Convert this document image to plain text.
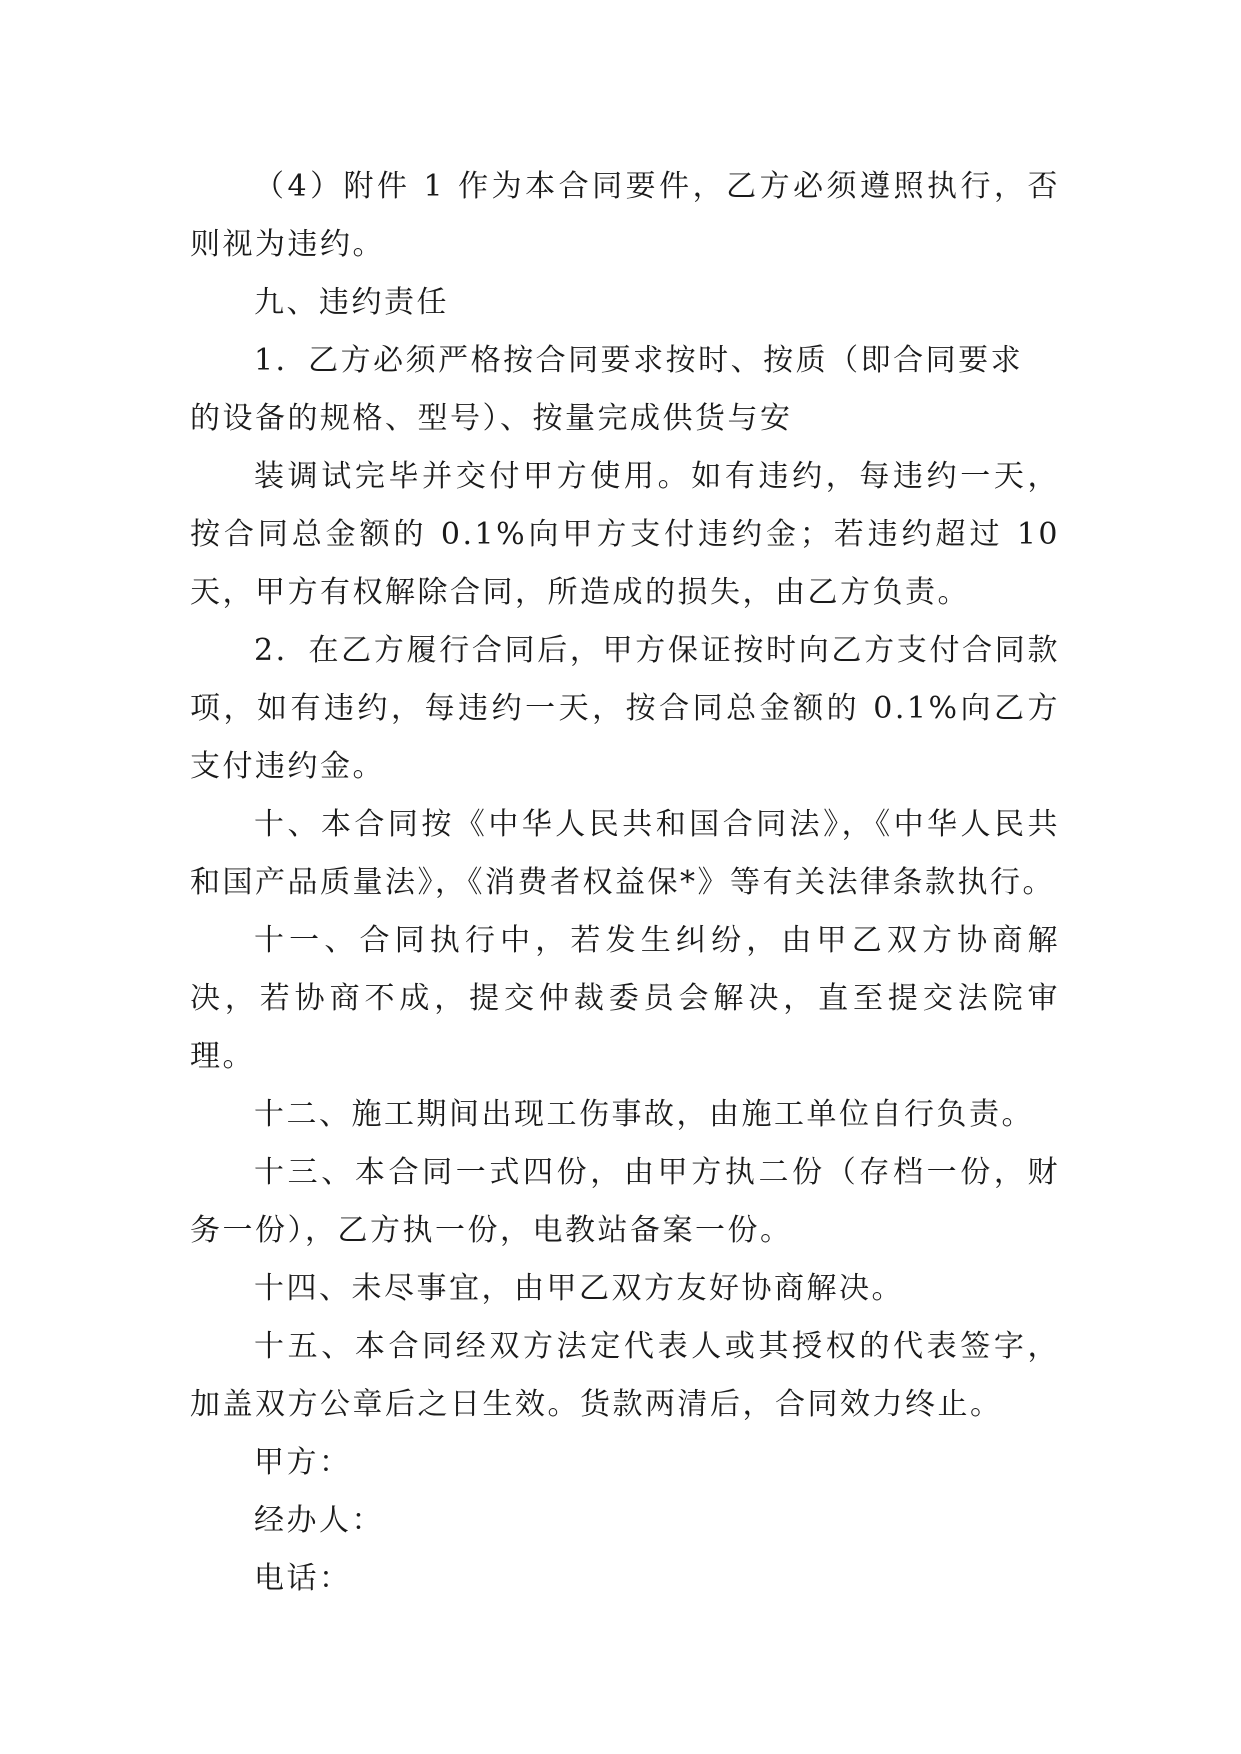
（4）附件 1 作为本合同要件，乙方必须遵照执行，否则视为违约。

九、违约责任

1．乙方必须严格按合同要求按时、按质（即合同要求

的设备的规格、型号）、按量完成供货与安

装调试完毕并交付甲方使用。如有违约，每违约一天，按合同总金额的 0.1%向甲方支付违约金；若违约超过 10 天，甲方有权解除合同，所造成的损失，由乙方负责。

2．在乙方履行合同后，甲方保证按时向乙方支付合同款项，如有违约，每违约一天，按合同总金额的 0.1%向乙方支付违约金。

十、本合同按《中华人民共和国合同法》，《中华人民共和国产品质量法》，《消费者权益保*》等有关法律条款执行。

十一、合同执行中，若发生纠纷，由甲乙双方协商解决，若协商不成，提交仲裁委员会解决，直至提交法院审理。

十二、施工期间出现工伤事故，由施工单位自行负责。

十三、本合同一式四份，由甲方执二份（存档一份，财务一份），乙方执一份，电教站备案一份。

十四、未尽事宜，由甲乙双方友好协商解决。

十五、本合同经双方法定代表人或其授权的代表签字，加盖双方公章后之日生效。货款两清后，合同效力终止。

甲方：

经办人：

电话：
